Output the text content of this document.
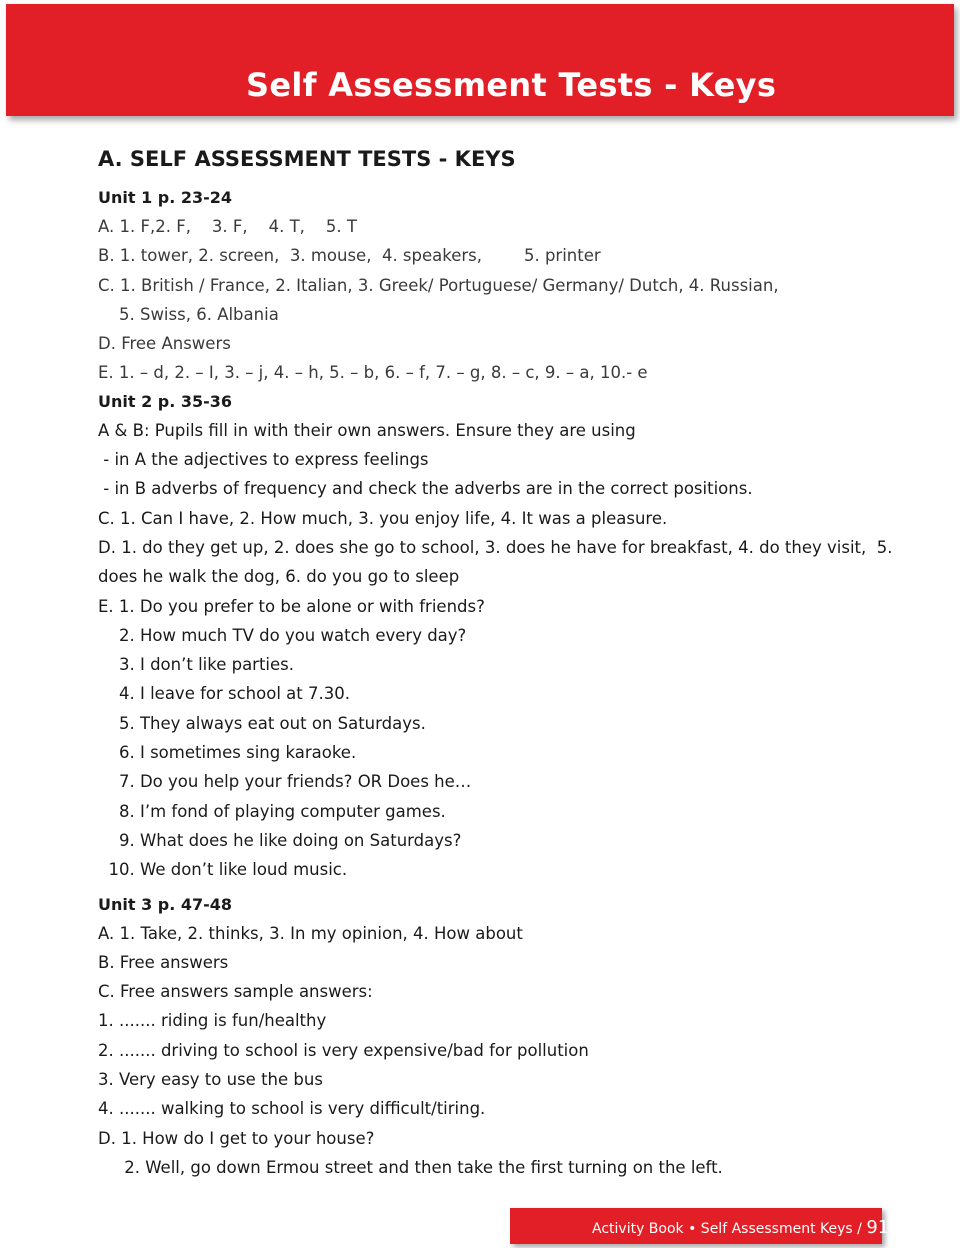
Self Assessment Tests - Keys
A. SELF ASSESSMENT TESTS - KEYS
Unit 1 p. 23-24
A. 1. F,2. F,    3. F,    4. T,    5. T
B. 1. tower, 2. screen,  3. mouse,  4. speakers,        5. printer
C. 1. British / France, 2. Italian, 3. Greek/ Portuguese/ Germany/ Dutch, 4. Russian,
5. Swiss, 6. Albania
D. Free Answers
E. 1. – d, 2. – I, 3. – j, 4. – h, 5. – b, 6. – f, 7. – g, 8. – c, 9. – a, 10.- e
Unit 2 p. 35-36
A & B: Pupils fill in with their own answers. Ensure they are using
- in A the adjectives to express feelings
- in B adverbs of frequency and check the adverbs are in the correct positions.
C. 1. Can I have, 2. How much, 3. you enjoy life, 4. It was a pleasure.
D. 1. do they get up, 2. does she go to school, 3. does he have for breakfast, 4. do they visit,  5.
does he walk the dog, 6. do you go to sleep
E. 1. Do you prefer to be alone or with friends?
2. How much TV do you watch every day?
3. I don’t like parties.
4. I leave for school at 7.30.
5. They always eat out on Saturdays.
6. I sometimes sing karaoke.
7. Do you help your friends? OR Does he…
8. I’m fond of playing computer games.
9. What does he like doing on Saturdays?
10. We don’t like loud music.
Unit 3 p. 47-48
A. 1. Take, 2. thinks, 3. In my opinion, 4. How about
B. Free answers
C. Free answers sample answers:
1. ....... riding is fun/healthy
2. ....... driving to school is very expensive/bad for pollution
3. Very easy to use the bus
4. ....... walking to school is very difficult/tiring.
D. 1. How do I get to your house?
2. Well, go down Ermou street and then take the first turning on the left.
Activity Book • Self Assessment Keys / 91
